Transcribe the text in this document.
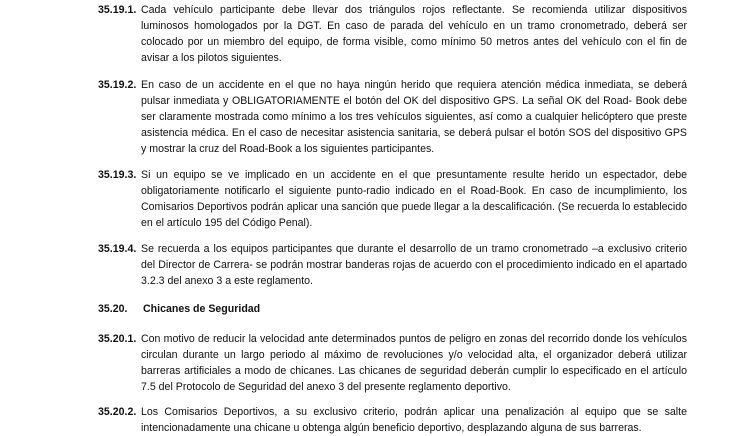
35.19.1. Cada vehículo participante debe llevar dos triángulos rojos reflectante. Se recomienda utilizar dispositivos luminosos homologados por la DGT. En caso de parada del vehículo en un tramo cronometrado, deberá ser colocado por un miembro del equipo, de forma visible, como mínimo 50 metros antes del vehículo con el fin de avisar a los pilotos siguientes.

35.19.2. En caso de un accidente en el que no haya ningún herido que requiera atención médica inmediata, se deberá pulsar inmediata y OBLIGATORIAMENTE el botón del OK del dispositivo GPS. La señal OK del Road- Book debe ser claramente mostrada como mínimo a los tres vehículos siguientes, así como a cualquier helicóptero que preste asistencia médica. En el caso de necesitar asistencia sanitaria, se deberá pulsar el botón SOS del dispositivo GPS y mostrar la cruz del Road-Book a los siguientes participantes.

35.19.3. Si un equipo se ve implicado en un accidente en el que presuntamente resulte herido un espectador, debe obligatoriamente notificarlo el siguiente punto-radio indicado en el Road-Book. En caso de incumplimiento, los Comisarios Deportivos podrán aplicar una sanción que puede llegar a la descalificación. (Se recuerda lo establecido en el artículo 195 del Código Penal).

35.19.4. Se recuerda a los equipos participantes que durante el desarrollo de un tramo cronometrado –a exclusivo criterio del Director de Carrera- se podrán mostrar banderas rojas de acuerdo con el procedimiento indicado en el apartado 3.2.3 del anexo 3 a este reglamento.

35.20. Chicanes de Seguridad
35.20.1. Con motivo de reducir la velocidad ante determinados puntos de peligro en zonas del recorrido donde los vehículos circulan durante un largo periodo al máximo de revoluciones y/o velocidad alta, el organizador deberá utilizar barreras artificiales a modo de chicanes. Las chicanes de seguridad deberán cumplir lo especificado en el artículo 7.5 del Protocolo de Seguridad del anexo 3 del presente reglamento deportivo.

35.20.2. Los Comisarios Deportivos, a su exclusivo criterio, podrán aplicar una penalización al equipo que se salte intencionadamente una chicane u obtenga algún beneficio deportivo, desplazando alguna de sus barreras.
